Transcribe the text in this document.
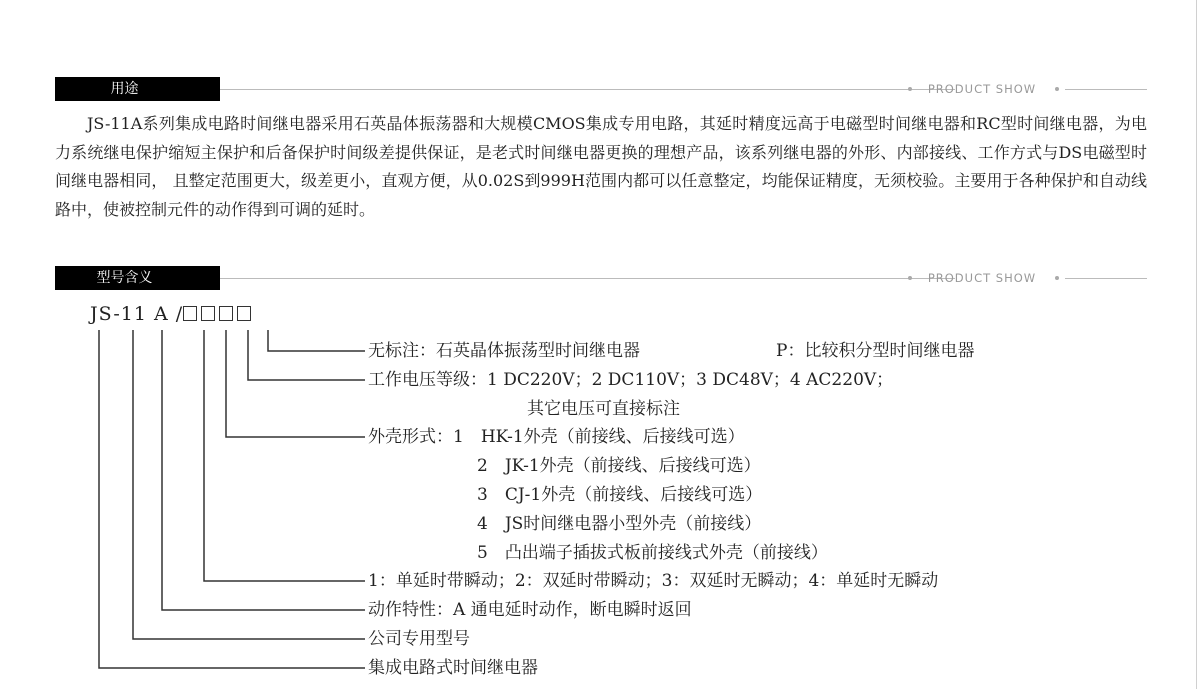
用途	PRODUCT SHOW

JS-11A系列集成电路时间继电器采用石英晶体振荡器和大规模CMOS集成专用电路，其延时精度远高于电磁型时间继电器和RC型时间继电器，为电力系统继电保护缩短主保护和后备保护时间级差提供保证，是老式时间继电器更换的理想产品，该系列继电器的外形、内部接线、工作方式与DS电磁型时间继电器相同， 且整定范围更大，级差更小，直观方便，从0.02S到999H范围内都可以任意整定，均能保证精度，无须校验。主要用于各种保护和自动线路中，使被控制元件的动作得到可调的延时。

型号含义	PRODUCT SHOW
JS-11 A /
无标注：石英晶体振荡型时间继电器	P：比较积分型时间继电器
工作电压等级：1 DC220V；2 DC110V；3 DC48V；4 AC220V；
其它电压可直接标注
外壳形式：1　HK-1外壳（前接线、后接线可选）
2　JK-1外壳（前接线、后接线可选）
3　CJ-1外壳（前接线、后接线可选）
4　JS时间继电器小型外壳（前接线）
5　凸出端子插拔式板前接线式外壳（前接线）
1：单延时带瞬动；2：双延时带瞬动；3：双延时无瞬动；4：单延时无瞬动
动作特性：A 通电延时动作，断电瞬时返回
公司专用型号
集成电路式时间继电器
